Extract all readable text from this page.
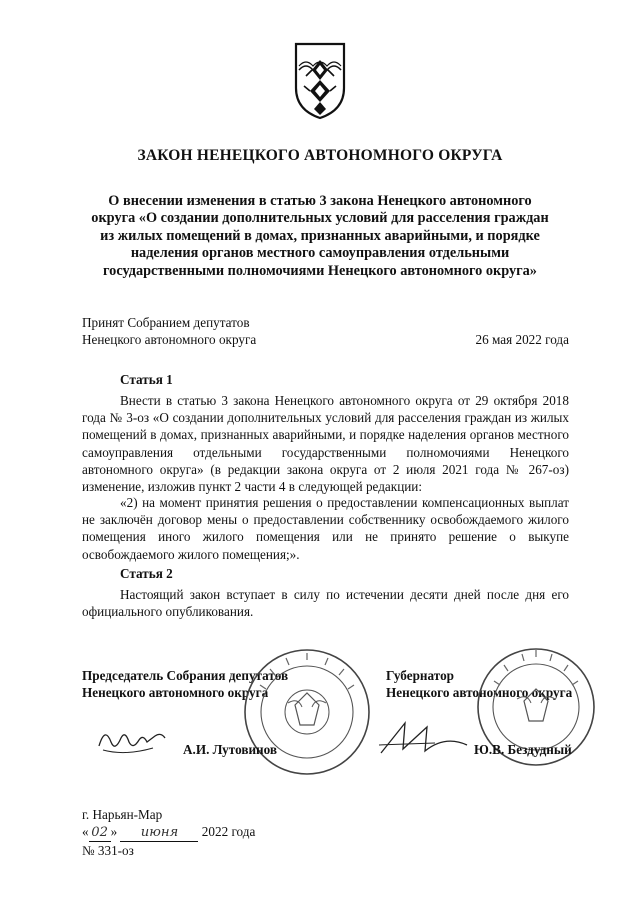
ЗАКОН НЕНЕЦКОГО АВТОНОМНОГО ОКРУГА
О внесении изменения в статью 3 закона Ненецкого автономного
округа «О создании дополнительных условий для расселения граждан
из жилых помещений в домах, признанных аварийными, и порядке
наделения органов местного самоуправления отдельными
государственными полномочиями Ненецкого автономного округа»
Принят Собранием депутатов
Ненецкого автономного округа	26 мая 2022 года
Статья 1
Внести в статью 3 закона Ненецкого автономного округа от 29 октября 2018 года № 3-оз «О создании дополнительных условий для расселения граждан из жилых помещений в домах, признанных аварийными, и порядке наделения органов местного самоуправления отдельными государственными полномочиями Ненецкого автономного округа» (в редакции закона округа от 2 июля 2021 года № 267-оз) изменение, изложив пункт 2 части 4 в следующей редакции:
«2) на момент принятия решения о предоставлении компенсационных выплат не заключён договор мены о предоставлении собственнику освобождаемого жилого помещения иного жилого помещения или не принято решение о выкупе освобождаемого жилого помещения;».
Статья 2
Настоящий закон вступает в силу по истечении десяти дней после дня его официального опубликования.
Председатель Собрания депутатов
Ненецкого автономного округа
А.И. Лутовинов
Губернатор
Ненецкого автономного округа
Ю.В. Бездудный
г. Нарьян-Мар
« 02 » июня 2022 года
№ 331-оз
